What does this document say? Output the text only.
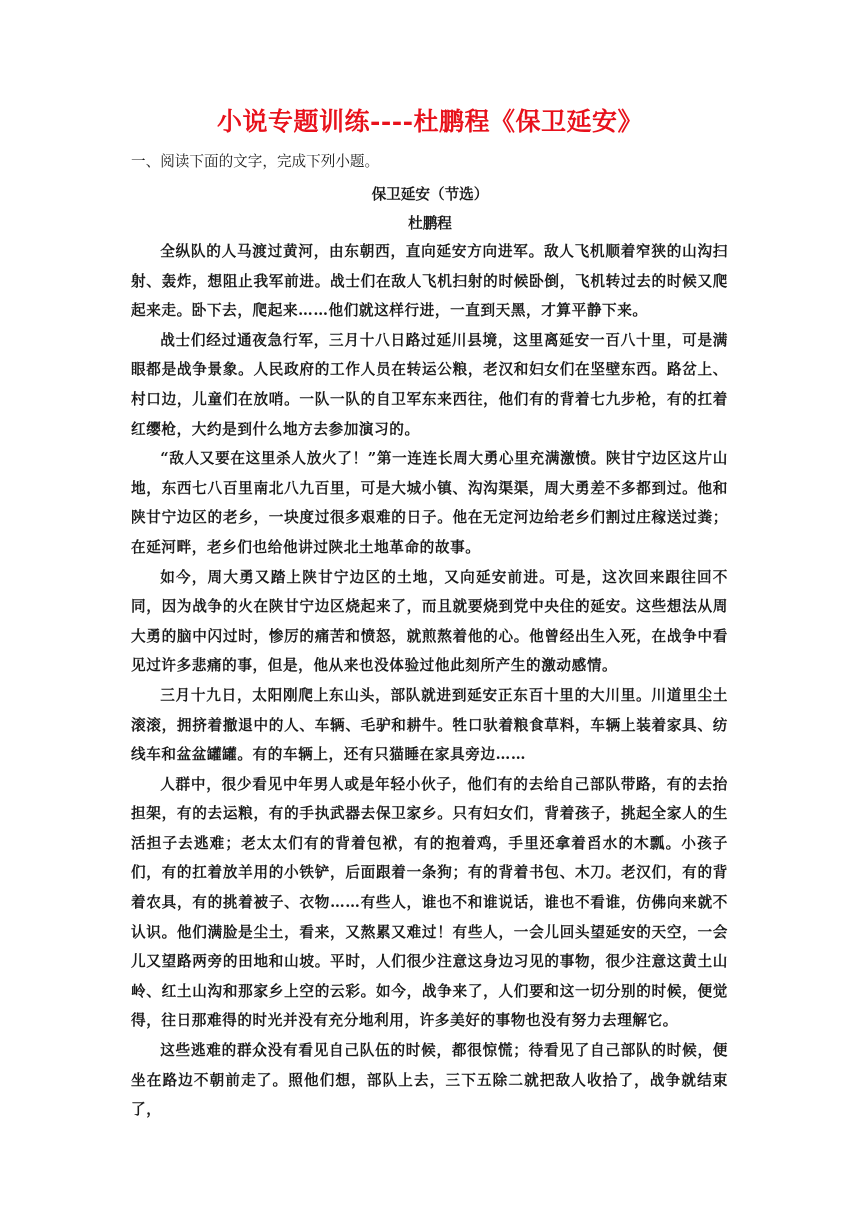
小说专题训练----杜鹏程《保卫延安》
一、阅读下面的文字，完成下列小题。
保卫延安（节选）
杜鹏程

全纵队的人马渡过黄河，由东朝西，直向延安方向进军。敌人飞机顺着窄狭的山沟扫射、轰炸，想阻止我军前进。战士们在敌人飞机扫射的时候卧倒，飞机转过去的时候又爬起来走。卧下去，爬起来……他们就这样行进，一直到天黑，才算平静下来。

战士们经过通夜急行军，三月十八日路过延川县境，这里离延安一百八十里，可是满眼都是战争景象。人民政府的工作人员在转运公粮，老汉和妇女们在坚壁东西。路岔上、村口边，儿童们在放哨。一队一队的自卫军东来西往，他们有的背着七九步枪，有的扛着红缨枪，大约是到什么地方去参加演习的。

“敌人又要在这里杀人放火了！”第一连连长周大勇心里充满激愤。陕甘宁边区这片山地，东西七八百里南北八九百里，可是大城小镇、沟沟渠渠，周大勇差不多都到过。他和陕甘宁边区的老乡，一块度过很多艰难的日子。他在无定河边给老乡们割过庄稼送过粪；在延河畔，老乡们也给他讲过陕北土地革命的故事。

如今，周大勇又踏上陕甘宁边区的土地，又向延安前进。可是，这次回来跟往回不同，因为战争的火在陕甘宁边区烧起来了，而且就要烧到党中央住的延安。这些想法从周大勇的脑中闪过时，惨厉的痛苦和愤怒，就煎熬着他的心。他曾经出生入死，在战争中看见过许多悲痛的事，但是，他从来也没体验过他此刻所产生的激动感情。

三月十九日，太阳刚爬上东山头，部队就进到延安正东百十里的大川里。川道里尘土滚滚，拥挤着撤退中的人、车辆、毛驴和耕牛。牲口驮着粮食草料，车辆上装着家具、纺线车和盆盆罐罐。有的车辆上，还有只猫睡在家具旁边……

人群中，很少看见中年男人或是年轻小伙子，他们有的去给自己部队带路，有的去抬担架，有的去运粮，有的手执武器去保卫家乡。只有妇女们，背着孩子，挑起全家人的生活担子去逃难；老太太们有的背着包袱，有的抱着鸡，手里还拿着舀水的木瓢。小孩子们，有的扛着放羊用的小铁铲，后面跟着一条狗；有的背着书包、木刀。老汉们，有的背着农具，有的挑着被子、衣物……有些人，谁也不和谁说话，谁也不看谁，仿佛向来就不认识。他们满脸是尘土，看来，又熬累又难过！有些人，一会儿回头望延安的天空，一会儿又望路两旁的田地和山坡。平时，人们很少注意这身边习见的事物，很少注意这黄土山岭、红土山沟和那家乡上空的云彩。如今，战争来了，人们要和这一切分别的时候，便觉得，往日那难得的时光并没有充分地利用，许多美好的事物也没有努力去理解它。

这些逃难的群众没有看见自己队伍的时候，都很惊慌；待看见了自己部队的时候，便坐在路边不朝前走了。照他们想，部队上去，三下五除二就把敌人收拾了，战争就结束了，
